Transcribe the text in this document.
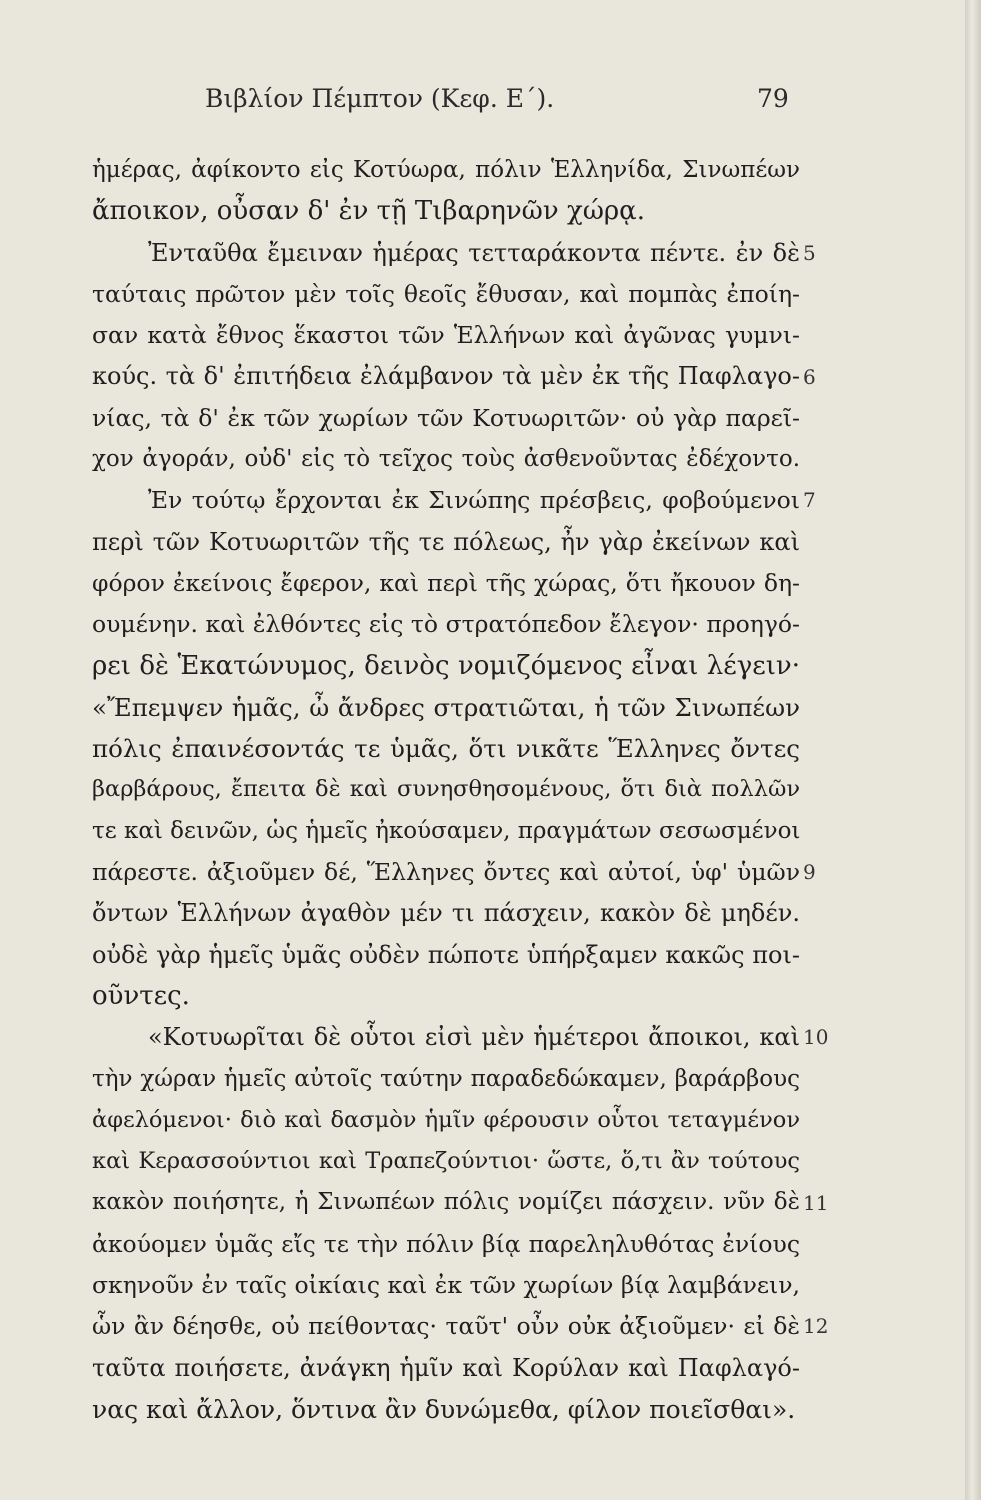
Βιβλίον Πέμπτον (Κεφ. Ε΄).	79
ἡμέρας, ἀφίκοντο εἰς Κοτύωρα, πόλιν Ἑλληνίδα, Σινωπέων
ἄποικον, οὖσαν δ' ἐν τῇ Τιβαρηνῶν χώρᾳ.
Ἐνταῦθα ἔμειναν ἡμέρας τετταράκοντα πέντε. ἐν δὲ
ταύταις πρῶτον μὲν τοῖς θεοῖς ἔθυσαν, καὶ πομπὰς ἐποίη-
σαν κατὰ ἔθνος ἕκαστοι τῶν Ἑλλήνων καὶ ἀγῶνας γυμνι-
κούς. τὰ δ' ἐπιτήδεια ἐλάμβανον τὰ μὲν ἐκ τῆς Παφλαγο-
νίας, τὰ δ' ἐκ τῶν χωρίων τῶν Κοτυωριτῶν· οὐ γὰρ παρεῖ-
χον ἀγοράν, οὐδ' εἰς τὸ τεῖχος τοὺς ἀσθενοῦντας ἐδέχοντο.
Ἐν τούτῳ ἔρχονται ἐκ Σινώπης πρέσβεις, φοβούμενοι
περὶ τῶν Κοτυωριτῶν τῆς τε πόλεως, ἦν γὰρ ἐκείνων καὶ
φόρον ἐκείνοις ἔφερον, καὶ περὶ τῆς χώρας, ὅτι ἤκουον δη-
ουμένην. καὶ ἐλθόντες εἰς τὸ στρατόπεδον ἔλεγον· προηγό-
ρει δὲ Ἑκατώνυμος, δεινὸς νομιζόμενος εἶναι λέγειν·
«Ἔπεμψεν ἡμᾶς, ὦ ἄνδρες στρατιῶται, ἡ τῶν Σινωπέων
πόλις ἐπαινέσοντάς τε ὑμᾶς, ὅτι νικᾶτε Ἕλληνες ὄντες
βαρβάρους, ἔπειτα δὲ καὶ συνησθησομένους, ὅτι διὰ πολλῶν
τε καὶ δεινῶν, ὡς ἡμεῖς ἠκούσαμεν, πραγμάτων σεσωσμένοι
πάρεστε. ἀξιοῦμεν δέ, Ἕλληνες ὄντες καὶ αὐτοί, ὑφ' ὑμῶν
ὄντων Ἑλλήνων ἀγαθὸν μέν τι πάσχειν, κακὸν δὲ μηδέν.
οὐδὲ γὰρ ἡμεῖς ὑμᾶς οὐδὲν πώποτε ὑπήρξαμεν κακῶς ποι-
οῦντες.
«Κοτυωρῖται δὲ οὗτοι εἰσὶ μὲν ἡμέτεροι ἄποικοι, καὶ
τὴν χώραν ἡμεῖς αὐτοῖς ταύτην παραδεδώκαμεν, βαράρβους
ἀφελόμενοι· διὸ καὶ δασμὸν ἡμῖν φέρουσιν οὗτοι τεταγμένον
καὶ Κερασσούντιοι καὶ Τραπεζούντιοι· ὥστε, ὅ,τι ἂν τούτους
κακὸν ποιήσητε, ἡ Σινωπέων πόλις νομίζει πάσχειν. νῦν δὲ
ἀκούομεν ὑμᾶς εἴς τε τὴν πόλιν βίᾳ παρεληλυθότας ἐνίους
σκηνοῦν ἐν ταῖς οἰκίαις καὶ ἐκ τῶν χωρίων βίᾳ λαμβάνειν,
ὧν ἂν δέησθε, οὐ πείθοντας· ταῦτ' οὖν οὐκ ἀξιοῦμεν· εἰ δὲ
ταῦτα ποιήσετε, ἀνάγκη ἡμῖν καὶ Κορύλαν καὶ Παφλαγό-
νας καὶ ἄλλον, ὅντινα ἂν δυνώμεθα, φίλον ποιεῖσθαι».
5
6
7
9
10
11
12
